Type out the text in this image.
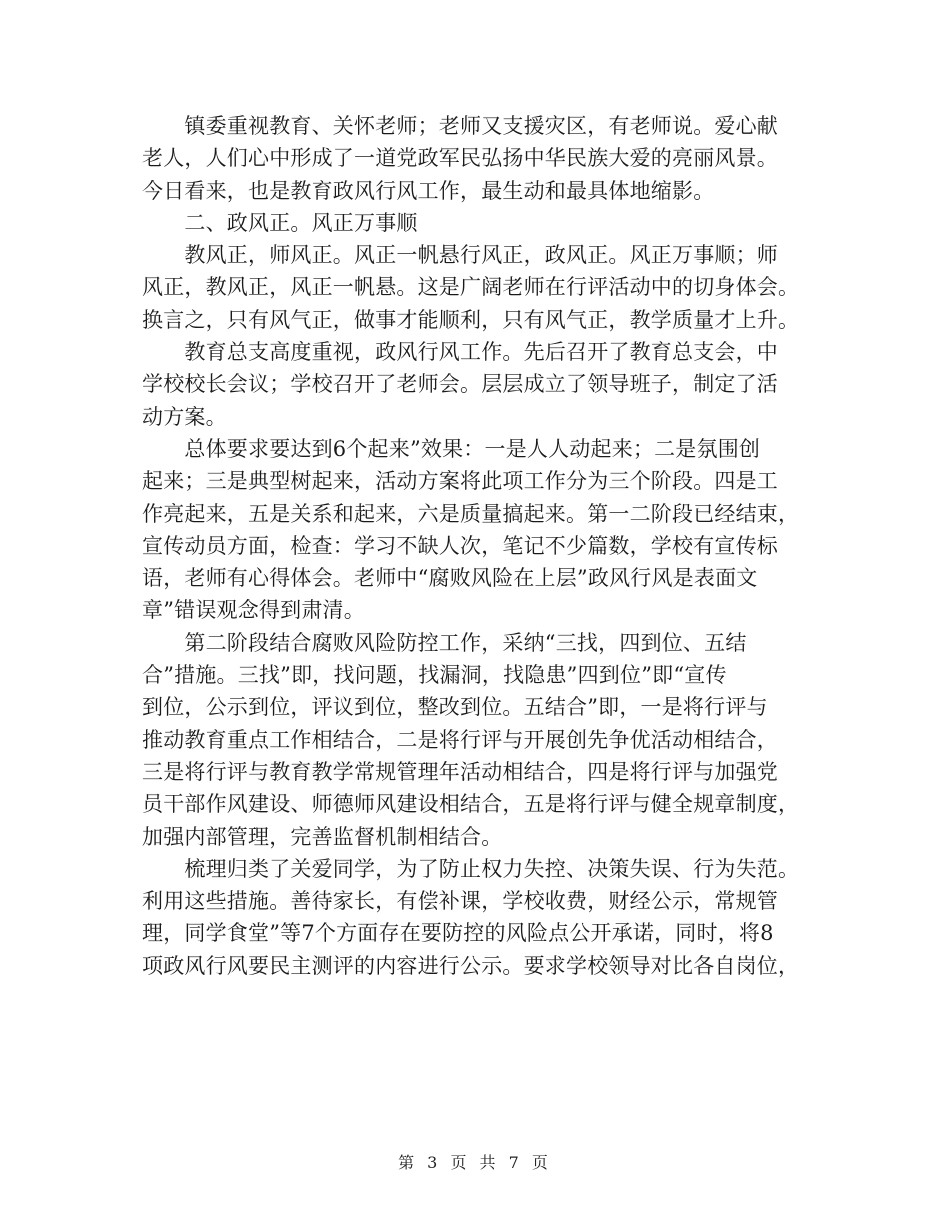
　　镇委重视教育、关怀老师；老师又支援灾区，有老师说。爱心献
老人，人们心中形成了一道党政军民弘扬中华民族大爱的亮丽风景。
今日看来，也是教育政风行风工作，最生动和最具体地缩影。

　　二、政风正。风正万事顺

　　教风正，师风正。风正一帆悬行风正，政风正。风正万事顺；师
风正，教风正，风正一帆悬。这是广阔老师在行评活动中的切身体会。
换言之，只有风气正，做事才能顺利，只有风气正，教学质量才上升。

　　教育总支高度重视，政风行风工作。先后召开了教育总支会，中
学校校长会议；学校召开了老师会。层层成立了领导班子，制定了活
动方案。

　　总体要求要达到6个起来”效果：一是人人动起来；二是氛围创
起来；三是典型树起来，活动方案将此项工作分为三个阶段。四是工
作亮起来，五是关系和起来，六是质量搞起来。第一二阶段已经结束，
宣传动员方面，检查：学习不缺人次，笔记不少篇数，学校有宣传标
语，老师有心得体会。老师中“腐败风险在上层”政风行风是表面文
章”错误观念得到肃清。

　　第二阶段结合腐败风险防控工作，采纳“三找，四到位、五结
合”措施。三找”即，找问题，找漏洞，找隐患”四到位”即“宣传
到位，公示到位，评议到位，整改到位。五结合”即，一是将行评与
推动教育重点工作相结合，二是将行评与开展创先争优活动相结合，
三是将行评与教育教学常规管理年活动相结合，四是将行评与加强党
员干部作风建设、师德师风建设相结合，五是将行评与健全规章制度，
加强内部管理，完善监督机制相结合。

　　梳理归类了关爱同学，为了防止权力失控、决策失误、行为失范。
利用这些措施。善待家长，有偿补课，学校收费，财经公示，常规管
理，同学食堂”等7个方面存在要防控的风险点公开承诺，同时，将8
项政风行风要民主测评的内容进行公示。要求学校领导对比各自岗位，

第 3 页 共 7 页
